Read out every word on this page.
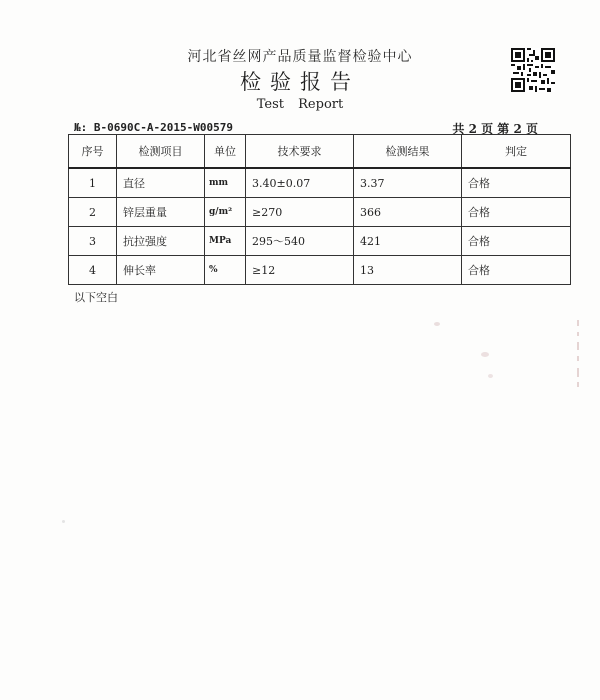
河北省丝网产品质量监督检验中心
检验报告
Test Report
№: B-0690C-A-2015-W00579	共 2 页 第 2 页
序号	检测项目	单位	技术要求	检测结果	判定
1	直径	mm	3.40±0.07	3.37	合格
2	锌层重量	g/m²	≥270	366	合格
3	抗拉强度	MPa	295～540	421	合格
4	伸长率	%	≥12	13	合格
以下空白
